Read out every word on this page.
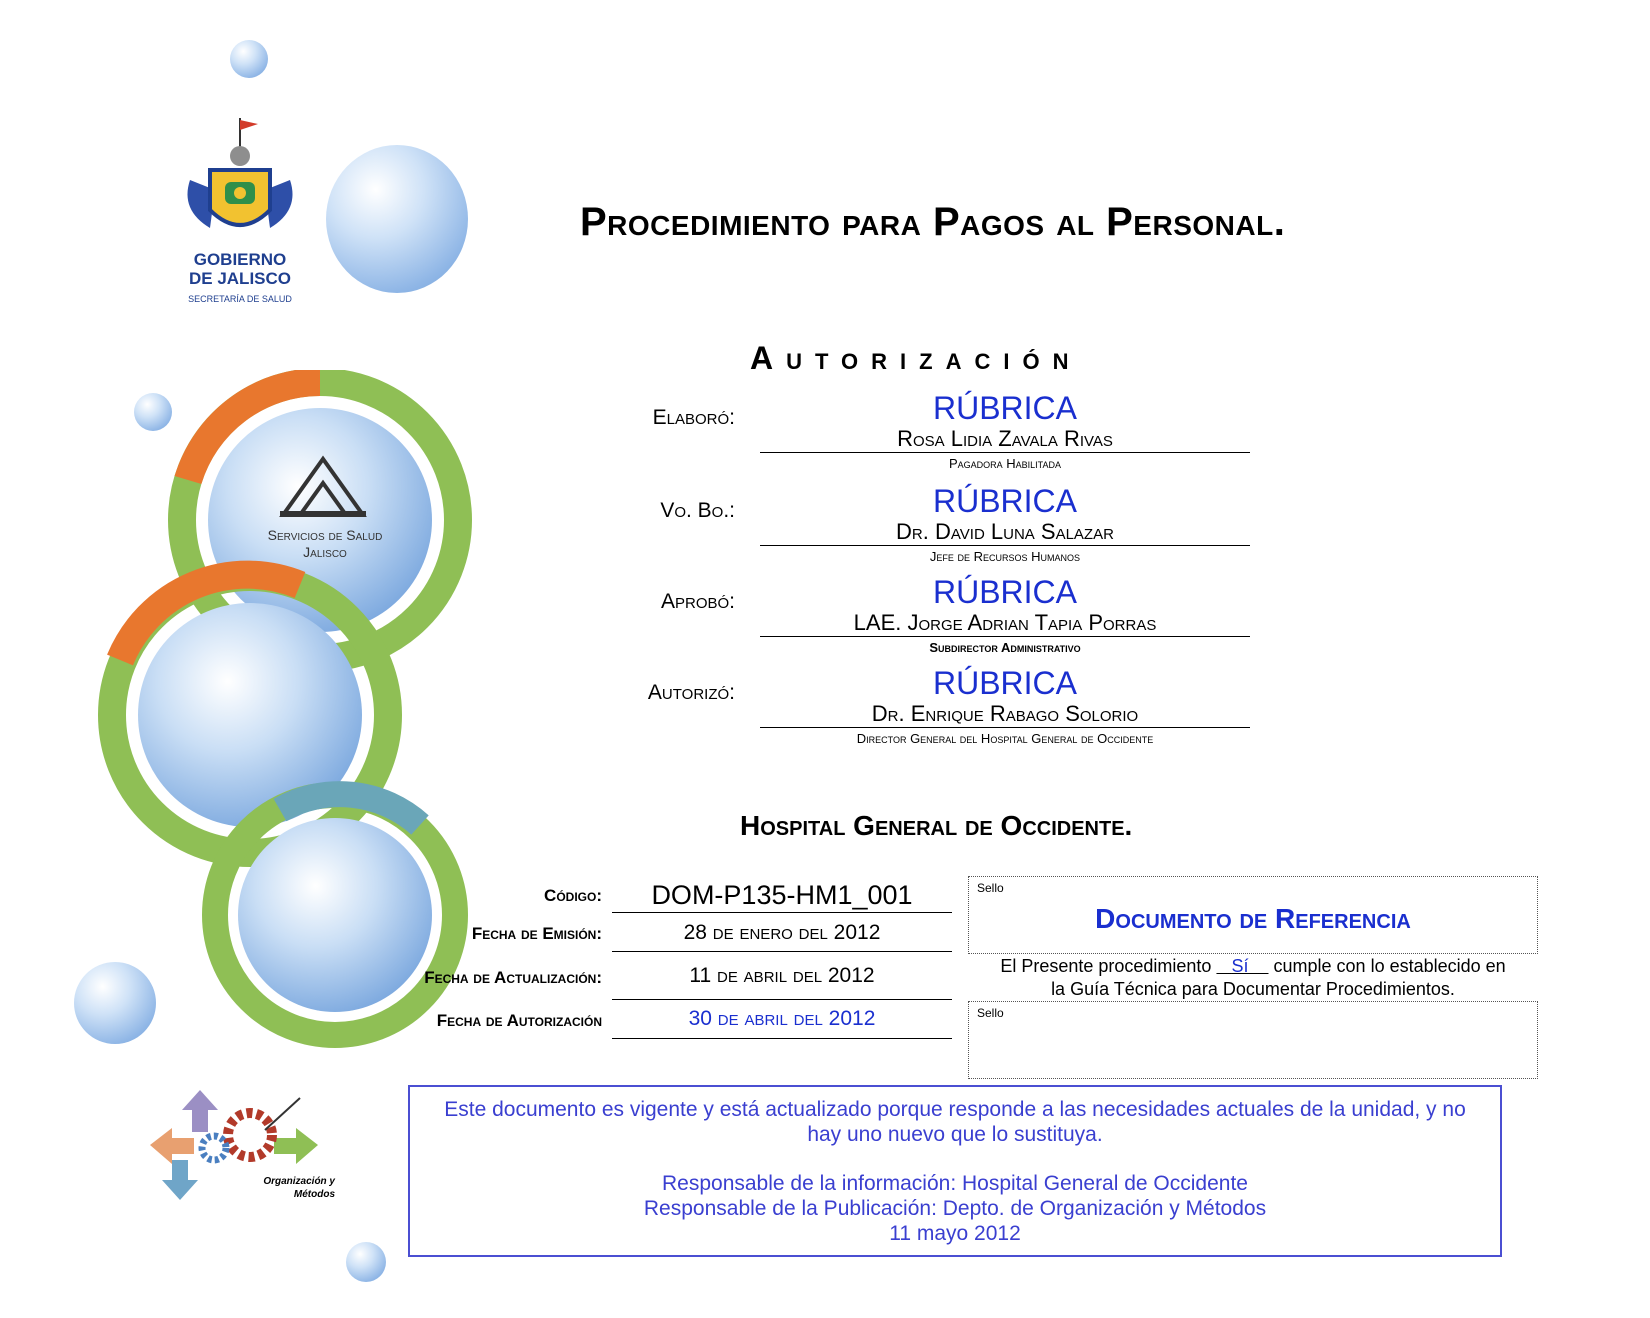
GOBIERNO
DE JALISCO
SECRETARÍA DE SALUD
Servicios de Salud
Jalisco
Organización y
Métodos
Procedimiento para Pagos al Personal.
Autorización
Elaboró:	RÚBRICA
Rosa Lidia Zavala Rivas
Pagadora Habilitada
Vo. Bo.:	RÚBRICA
Dr. David Luna Salazar
Jefe de Recursos Humanos
Aprobó:	RÚBRICA
LAE. Jorge Adrian Tapia Porras
Subdirector Administrativo
Autorizó:	RÚBRICA
Dr. Enrique Rabago Solorio
Director General del Hospital General de Occidente
Hospital General de Occidente.
Código:	DOM-P135-HM1_001
Fecha de Emisión:	28 de enero del 2012
Fecha de Actualización:	11 de abril del 2012
Fecha de Autorización	30 de abril del 2012
Sello
Documento de Referencia
El Presente procedimiento Sí cumple con lo establecido en
la Guía Técnica para Documentar Procedimientos.
Sello
Este documento es vigente y está actualizado porque responde a las necesidades actuales de la unidad, y no
hay uno nuevo que lo sustituya.
Responsable de la información: Hospital General de Occidente
Responsable de la Publicación: Depto. de Organización y Métodos
11 mayo 2012
